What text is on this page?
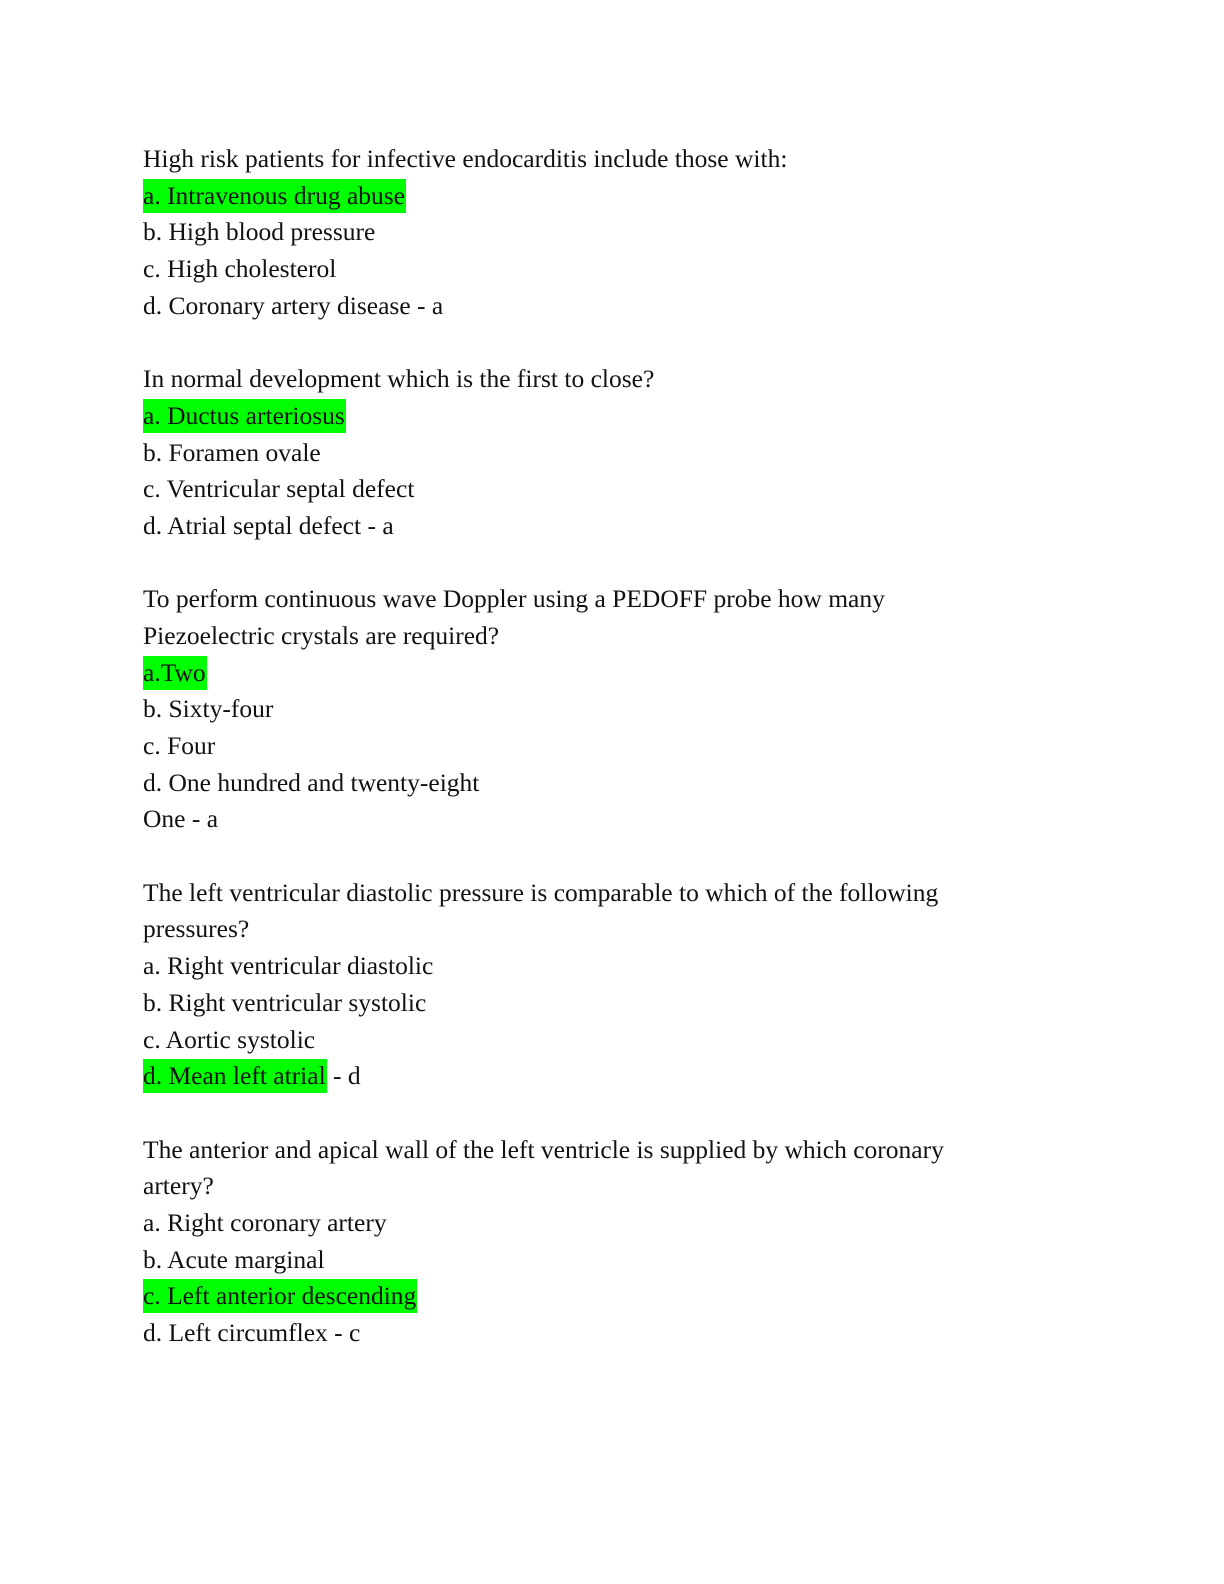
High risk patients for infective endocarditis include those with:
a. Intravenous drug abuse
b. High blood pressure
c. High cholesterol
d. Coronary artery disease - a
In normal development which is the first to close?
a. Ductus arteriosus
b. Foramen ovale
c. Ventricular septal defect
d. Atrial septal defect - a
To perform continuous wave Doppler using a PEDOFF probe how many
Piezoelectric crystals are required?
a.Two
b. Sixty-four
c. Four
d. One hundred and twenty-eight
One - a
The left ventricular diastolic pressure is comparable to which of the following
pressures?
a. Right ventricular diastolic
b. Right ventricular systolic
c. Aortic systolic
d. Mean left atrial - d
The anterior and apical wall of the left ventricle is supplied by which coronary
artery?
a. Right coronary artery
b. Acute marginal
c. Left anterior descending
d. Left circumflex - c
